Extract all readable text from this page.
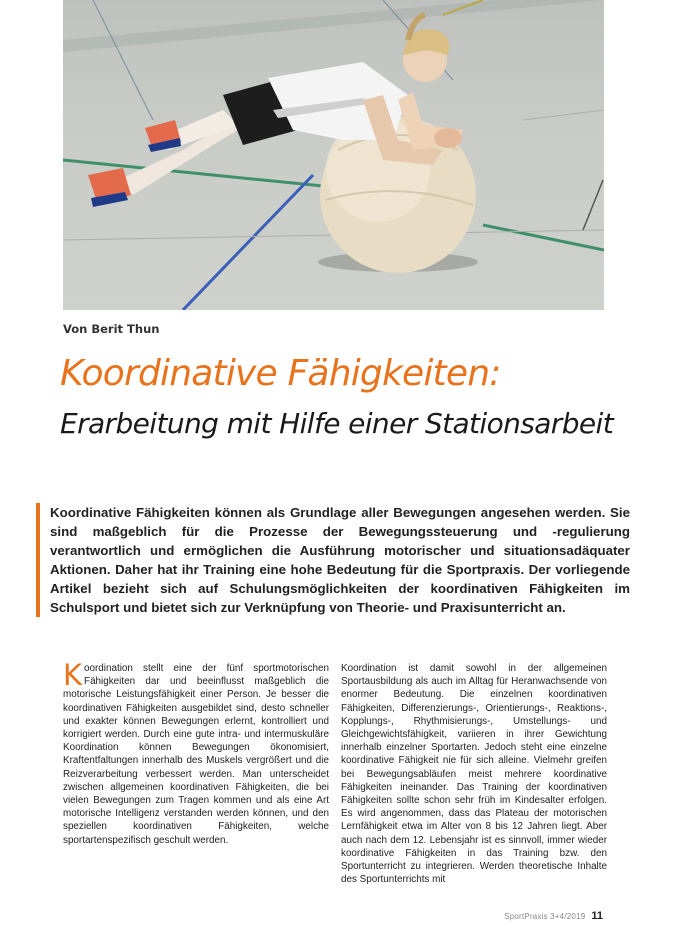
Von Berit Thun
Koordinative Fähigkeiten:
Erarbeitung mit Hilfe einer Stationsarbeit

Koordinative Fähigkeiten können als Grundlage aller Bewegungen angesehen werden. Sie sind maßgeblich für die Prozesse der Bewegungssteuerung und -regulierung verantwortlich und ermöglichen die Ausführung motorischer und situationsadäquater Aktionen. Daher hat ihr Training eine hohe Bedeutung für die Sportpraxis. Der vorliegende Artikel bezieht sich auf Schulungsmöglichkeiten der koordinativen Fähigkeiten im Schulsport und bietet sich zur Verknüpfung von Theorie- und Praxisunterricht an.

Koordination stellt eine der fünf sportmotorischen Fähigkeiten dar und beeinflusst maßgeblich die motorische Leistungsfähigkeit einer Person. Je besser die koordinativen Fähigkeiten ausgebildet sind, desto schneller und exakter können Bewegungen erlernt, kontrolliert und korrigiert werden. Durch eine gute intra- und intermuskuläre Koordination können Bewegungen ökonomisiert, Kraftentfaltungen innerhalb des Muskels vergrößert und die Reizverarbeitung verbessert werden. Man unterscheidet zwischen allgemeinen koordinativen Fähigkeiten, die bei vielen Bewegungen zum Tragen kommen und als eine Art motorische Intelligenz verstanden werden können, und den speziellen koordinativen Fähigkeiten, welche sportartenspezifisch geschult werden.

Koordination ist damit sowohl in der allgemeinen Sportausbildung als auch im Alltag für Heranwachsende von enormer Bedeutung. Die einzelnen koordinativen Fähigkeiten, Differenzierungs-, Orientierungs-, Reaktions-, Kopplungs-, Rhythmisierungs-, Umstellungs- und Gleichgewichtsfähigkeit, variieren in ihrer Gewichtung innerhalb einzelner Sportarten. Jedoch steht eine einzelne koordinative Fähigkeit nie für sich alleine. Vielmehr greifen bei Bewegungsabläufen meist mehrere koordinative Fähigkeiten ineinander. Das Training der koordinativen Fähigkeiten sollte schon sehr früh im Kindesalter erfolgen. Es wird angenommen, dass das Plateau der motorischen Lernfähigkeit etwa im Alter von 8 bis 12 Jahren liegt. Aber auch nach dem 12. Lebensjahr ist es sinnvoll, immer wieder koordinative Fähigkeiten in das Training bzw. den Sportunterricht zu integrieren. Werden theoretische Inhalte des Sportunterrichts mit

SportPraxis 3+4/2019 11
